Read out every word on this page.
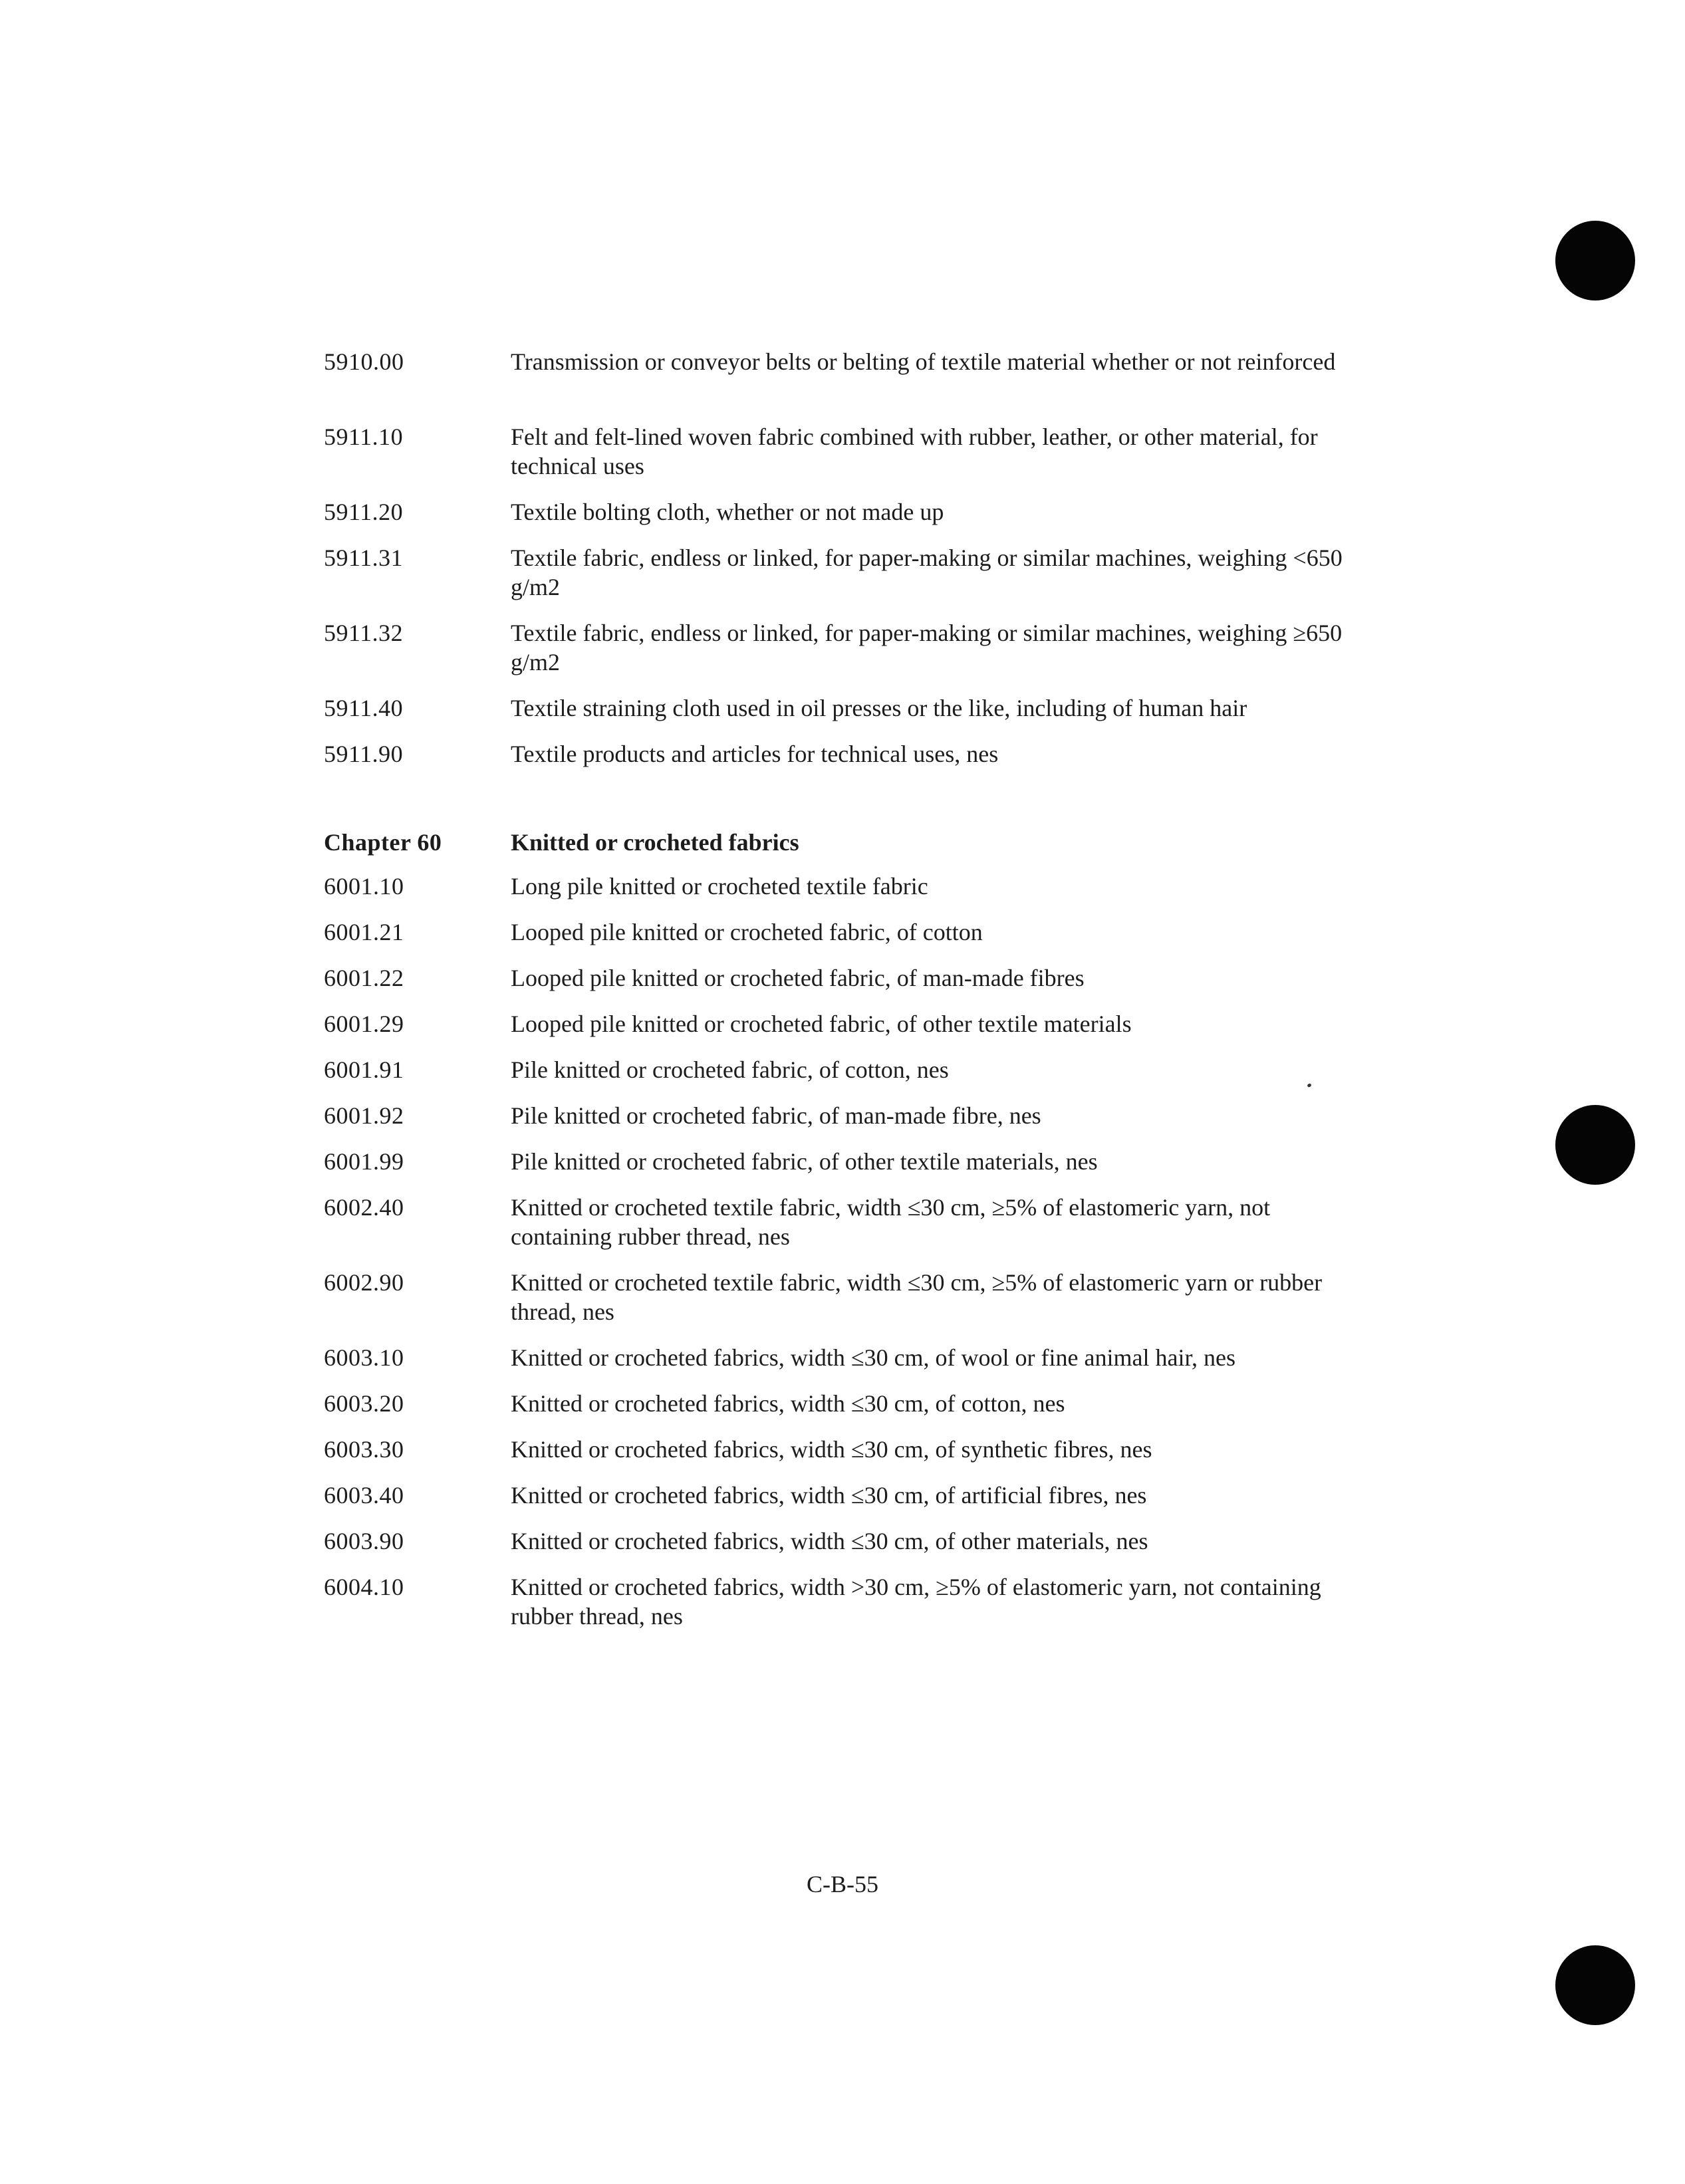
5910.00	Transmission or conveyor belts or belting of textile material whether or not reinforced
5911.10	Felt and felt-lined woven fabric combined with rubber, leather, or other material, for technical uses
5911.20	Textile bolting cloth, whether or not made up
5911.31	Textile fabric, endless or linked, for paper-making or similar machines, weighing <650 g/m2
5911.32	Textile fabric, endless or linked, for paper-making or similar machines, weighing ≥650 g/m2
5911.40	Textile straining cloth used in oil presses or the like, including of human hair
5911.90	Textile products and articles for technical uses, nes
Chapter 60	Knitted or crocheted fabrics
6001.10	Long pile knitted or crocheted textile fabric
6001.21	Looped pile knitted or crocheted fabric, of cotton
6001.22	Looped pile knitted or crocheted fabric, of man-made fibres
6001.29	Looped pile knitted or crocheted fabric, of other textile materials
6001.91	Pile knitted or crocheted fabric, of cotton, nes
6001.92	Pile knitted or crocheted fabric, of man-made fibre, nes
6001.99	Pile knitted or crocheted fabric, of other textile materials, nes
6002.40	Knitted or crocheted textile fabric, width ≤30 cm, ≥5% of elastomeric yarn, not containing rubber thread, nes
6002.90	Knitted or crocheted textile fabric, width ≤30 cm, ≥5% of elastomeric yarn or rubber thread, nes
6003.10	Knitted or crocheted fabrics, width ≤30 cm, of wool or fine animal hair, nes
6003.20	Knitted or crocheted fabrics, width ≤30 cm, of cotton, nes
6003.30	Knitted or crocheted fabrics, width ≤30 cm, of synthetic fibres, nes
6003.40	Knitted or crocheted fabrics, width ≤30 cm, of artificial fibres, nes
6003.90	Knitted or crocheted fabrics, width ≤30 cm, of other materials, nes
6004.10	Knitted or crocheted fabrics, width >30 cm, ≥5% of elastomeric yarn, not containing rubber thread, nes
C-B-55
